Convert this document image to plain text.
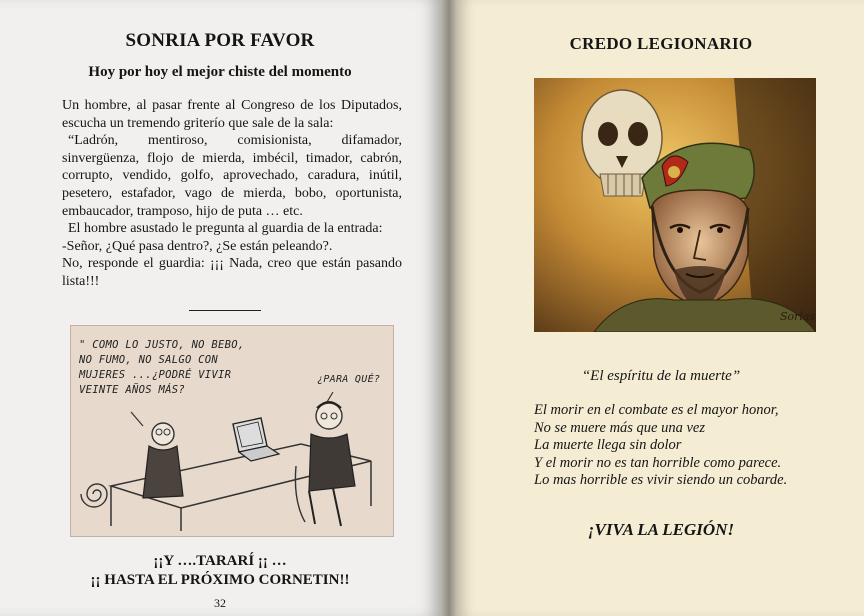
SONRIA POR FAVOR
Hoy por hoy el mejor chiste del momento

Un hombre, al pasar frente al Congreso de los Diputados, escucha un tremendo griterío que sale de la sala:

“Ladrón, mentiroso, comisionista, difamador, sinvergüenza, flojo de mierda, imbécil, timador, cabrón, corrupto, vendido, golfo, aprovechado, caradura, inútil, pesetero, estafador, vago de mierda, bobo, oportunista, embaucador, tramposo, hijo de puta … etc.

El hombre asustado le pregunta al guardia de la entrada:

-Señor, ¿Qué pasa dentro?, ¿Se están peleando?.

No, responde el guardia: ¡¡¡ Nada, creo que están pasando lista!!!

" COMO LO JUSTO, NO BEBO,
NO FUMO, NO SALGO CON
MUJERES ...¿PODRÉ VIVIR
VEINTE AÑOS MÁS?
¿PARA QUÉ?
¡¡Y ….TARARÍ ¡¡ …
¡¡ HASTA EL PRÓXIMO CORNETIN!!
32
CREDO LEGIONARIO
Sorlas
“El espíritu de la muerte”
El morir en el combate es el mayor honor,
No se muere más que una vez
La muerte llega sin dolor
Y el morir no es tan horrible como parece.
Lo mas horrible es vivir siendo un cobarde.
¡VIVA LA LEGIÓN!
